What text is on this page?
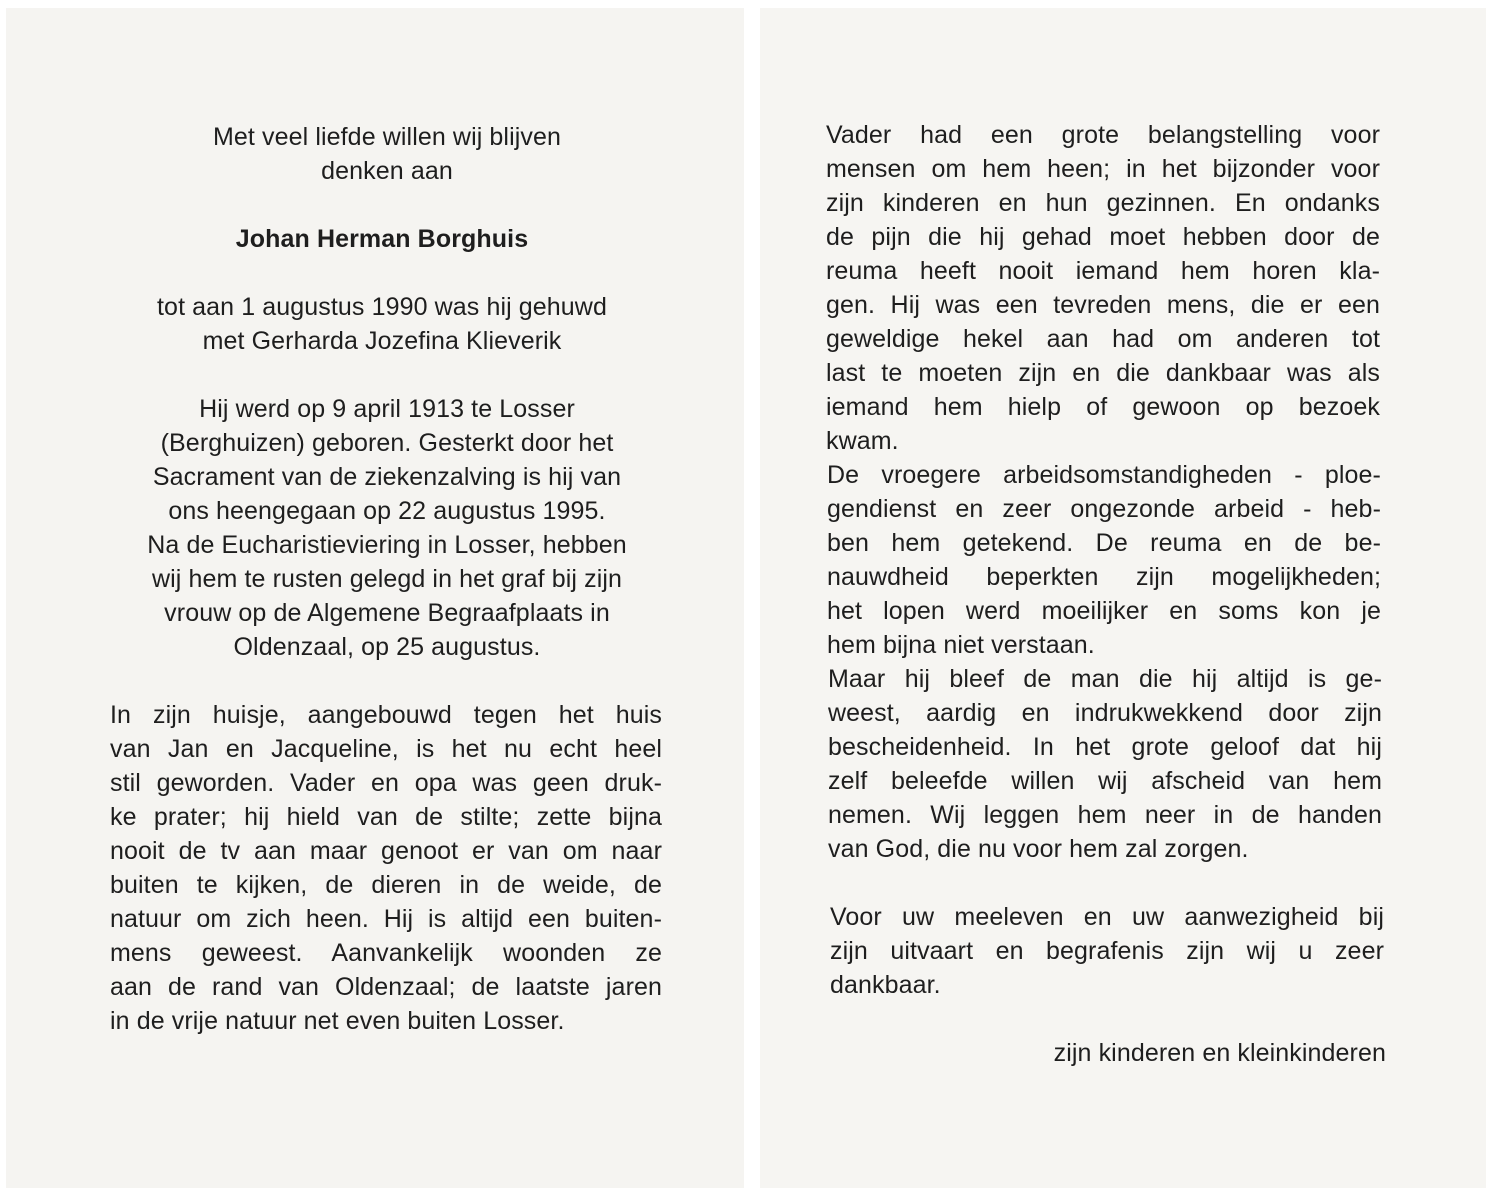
Met veel liefde willen wij blijven
denken aan
Johan Herman Borghuis
tot aan 1 augustus 1990 was hij gehuwd
met Gerharda Jozefina Klieverik
Hij werd op 9 april 1913 te Losser
(Berghuizen) geboren. Gesterkt door het
Sacrament van de ziekenzalving is hij van
ons heengegaan op 22 augustus 1995.
Na de Eucharistieviering in Losser, hebben
wij hem te rusten gelegd in het graf bij zijn
vrouw op de Algemene Begraafplaats in
Oldenzaal, op 25 augustus.
In zijn huisje, aangebouwd tegen het huis
van Jan en Jacqueline, is het nu echt heel
stil geworden. Vader en opa was geen druk-
ke prater; hij hield van de stilte; zette bijna
nooit de tv aan maar genoot er van om naar
buiten te kijken, de dieren in de weide, de
natuur om zich heen. Hij is altijd een buiten-
mens geweest. Aanvankelijk woonden ze
aan de rand van Oldenzaal; de laatste jaren
in de vrije natuur net even buiten Losser.
Vader had een grote belangstelling voor
mensen om hem heen; in het bijzonder voor
zijn kinderen en hun gezinnen. En ondanks
de pijn die hij gehad moet hebben door de
reuma heeft nooit iemand hem horen kla-
gen. Hij was een tevreden mens, die er een
geweldige hekel aan had om anderen tot
last te moeten zijn en die dankbaar was als
iemand hem hielp of gewoon op bezoek
kwam.
De vroegere arbeidsomstandigheden - ploe-
gendienst en zeer ongezonde arbeid - heb-
ben hem getekend. De reuma en de be-
nauwdheid beperkten zijn mogelijkheden;
het lopen werd moeilijker en soms kon je
hem bijna niet verstaan.
Maar hij bleef de man die hij altijd is ge-
weest, aardig en indrukwekkend door zijn
bescheidenheid. In het grote geloof dat hij
zelf beleefde willen wij afscheid van hem
nemen. Wij leggen hem neer in de handen
van God, die nu voor hem zal zorgen.
Voor uw meeleven en uw aanwezigheid bij
zijn uitvaart en begrafenis zijn wij u zeer
dankbaar.
zijn kinderen en kleinkinderen
